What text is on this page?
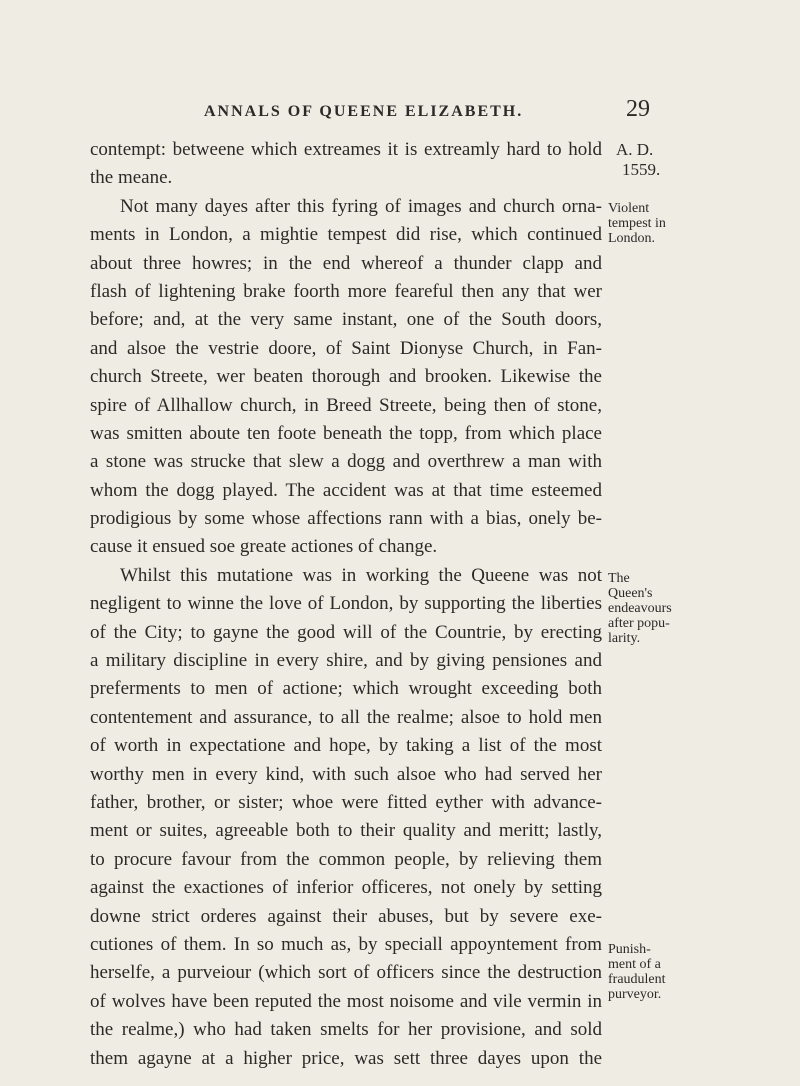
ANNALS OF QUEENE ELIZABETH.	29
contempt: betweene which extreames it is extreamly hard to hold
the meane.
Not many dayes after this fyring of images and church orna-
ments in London, a mightie tempest did rise, which continued
about three howres; in the end whereof a thunder clapp and
flash of lightening brake foorth more feareful then any that wer
before; and, at the very same instant, one of the South doors,
and alsoe the vestrie doore, of Saint Dionyse Church, in Fan-
church Streete, wer beaten thorough and brooken. Likewise the
spire of Allhallow church, in Breed Streete, being then of stone,
was smitten aboute ten foote beneath the topp, from which place
a stone was strucke that slew a dogg and overthrew a man with
whom the dogg played. The accident was at that time esteemed
prodigious by some whose affections rann with a bias, onely be-
cause it ensued soe greate actiones of change.
Whilst this mutatione was in working the Queene was not
negligent to winne the love of London, by supporting the liberties
of the City; to gayne the good will of the Countrie, by erecting
a military discipline in every shire, and by giving pensiones and
preferments to men of actione; which wrought exceeding both
contentement and assurance, to all the realme; alsoe to hold men
of worth in expectatione and hope, by taking a list of the most
worthy men in every kind, with such alsoe who had served her
father, brother, or sister; whoe were fitted eyther with advance-
ment or suites, agreeable both to their quality and meritt; lastly,
to procure favour from the common people, by relieving them
against the exactiones of inferior officeres, not onely by setting
downe strict orderes against their abuses, but by severe exe-
cutiones of them. In so much as, by speciall appoyntement from
herselfe, a purveiour (which sort of officers since the destruction
of wolves have been reputed the most noisome and vile vermin in
the realme,) who had taken smelts for her provisione, and sold
them agayne at a higher price, was sett three dayes upon the
A. D.
1559.
Violent
tempest in
London.
The
Queen's
endeavours
after popu-
larity.
Punish-
ment of a
fraudulent
purveyor.
